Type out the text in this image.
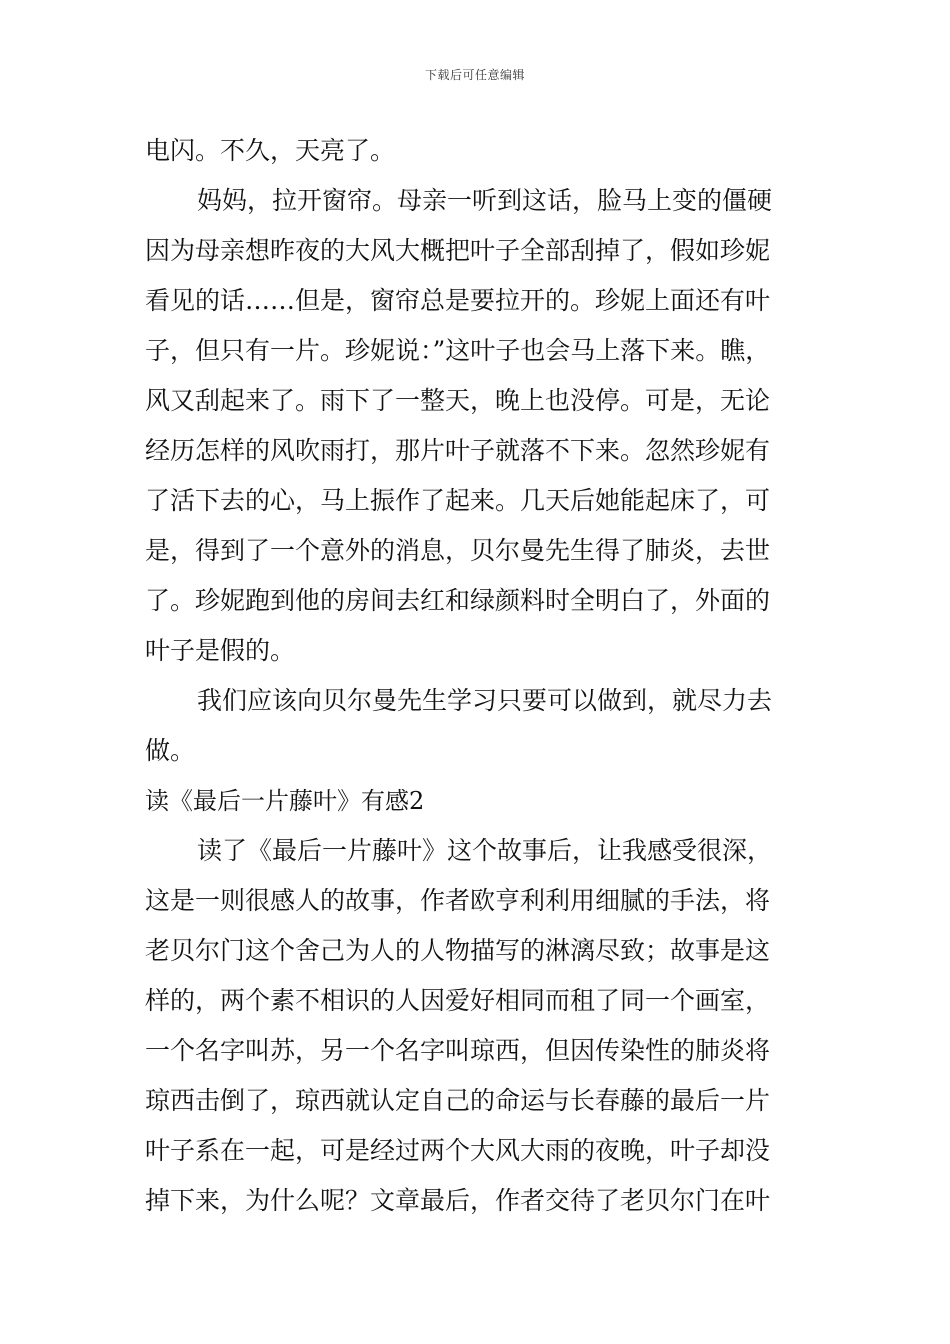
下载后可任意编辑
电闪。不久，天亮了。
妈妈，拉开窗帘。母亲一听到这话，脸马上变的僵硬
因为母亲想昨夜的大风大概把叶子全部刮掉了，假如珍妮
看见的话……但是，窗帘总是要拉开的。珍妮上面还有叶
子，但只有一片。珍妮说：”这叶子也会马上落下来。瞧，
风又刮起来了。雨下了一整天，晚上也没停。可是，无论
经历怎样的风吹雨打，那片叶子就落不下来。忽然珍妮有
了活下去的心，马上振作了起来。几天后她能起床了，可
是，得到了一个意外的消息，贝尔曼先生得了肺炎，去世
了。珍妮跑到他的房间去红和绿颜料时全明白了，外面的
叶子是假的。
我们应该向贝尔曼先生学习只要可以做到，就尽力去
做。
读《最后一片藤叶》有感2
读了《最后一片藤叶》这个故事后，让我感受很深，
这是一则很感人的故事，作者欧亨利利用细腻的手法，将
老贝尔门这个舍己为人的人物描写的淋漓尽致；故事是这
样的，两个素不相识的人因爱好相同而租了同一个画室，
一个名字叫苏，另一个名字叫琼西，但因传染性的肺炎将
琼西击倒了，琼西就认定自己的命运与长春藤的最后一片
叶子系在一起，可是经过两个大风大雨的夜晚，叶子却没
掉下来，为什么呢？文章最后，作者交待了老贝尔门在叶
